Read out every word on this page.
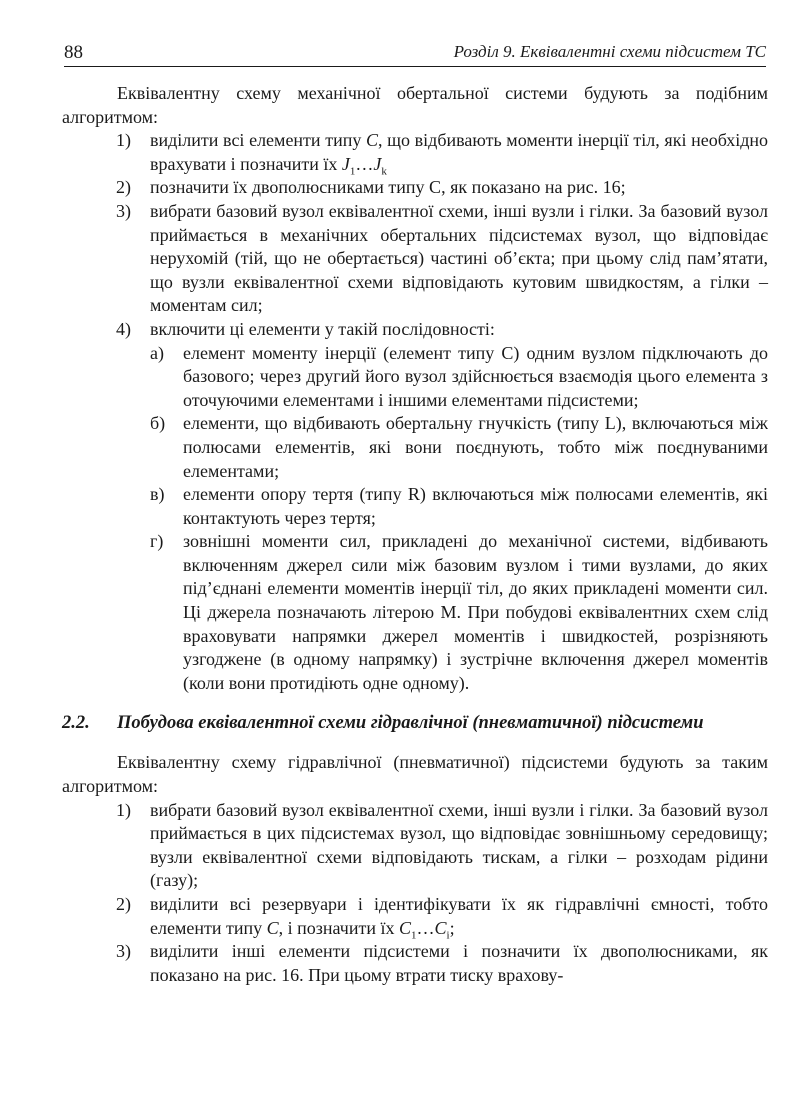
88	Розділ 9. Еквівалентні схеми підсистем ТС

Еквівалентну схему механічної обертальної системи будують за подібним алгоритмом:

1) виділити всі елементи типу C, що відбивають моменти інерції тіл, які необхідно врахувати і позначити їх $J_1\dots J_k$
2) позначити їх двополюсниками типу C, як показано на рис. 16;
3) вибрати базовий вузол еквівалентної схеми, інші вузли і гілки. За базовий вузол приймається в механічних обертальних підсистемах вузол, що відповідає нерухомій (тій, що не обертається) частині об’єкта; при цьому слід пам’ятати, що вузли еквівалентної схеми відповідають кутовим швидкостям, а гілки – моментам сил;
4) включити ці елементи у такій послідовності:
а) елемент моменту інерції (елемент типу С) одним вузлом підключають до базового; через другий його вузол здійснюється взаємодія цього елемента з оточуючими елементами і іншими елементами підсистеми;
б) елементи, що відбивають обертальну гнучкість (типу L), включаються між полюсами елементів, які вони поєднують, тобто між поєднуваними елементами;
в) елементи опору тертя (типу R) включаються між полюсами елементів, які контактують через тертя;
г) зовнішні моменти сил, прикладені до механічної системи, відбивають включенням джерел сили між базовим вузлом і тими вузлами, до яких під’єднані елементи моментів інерції тіл, до яких прикладені моменти сил. Ці джерела позначають літерою М. При побудові еквівалентних схем слід враховувати напрямки джерел моментів і швидкостей, розрізняють узгоджене (в одному напрямку) і зустрічне включення джерел моментів (коли вони протидіють одне одному).
2.2. Побудова еквівалентної схеми гідравлічної (пневматичної) підсистеми

Еквівалентну схему гідравлічної (пневматичної) підсистеми будують за таким алгоритмом:

1) вибрати базовий вузол еквівалентної схеми, інші вузли і гілки. За базовий вузол приймається в цих підсистемах вузол, що відповідає зовнішньому середовищу; вузли еквівалентної схеми відповідають тискам, а гілки – розходам рідини (газу);
2) виділити всі резервуари і ідентифікувати їх як гідравлічні ємності, тобто елементи типу C, і позначити їх $C_1\dots C_i$;
3) виділити інші елементи підсистеми і позначити їх двополюсниками, як показано на рис. 16. При цьому втрати тиску врахову-
